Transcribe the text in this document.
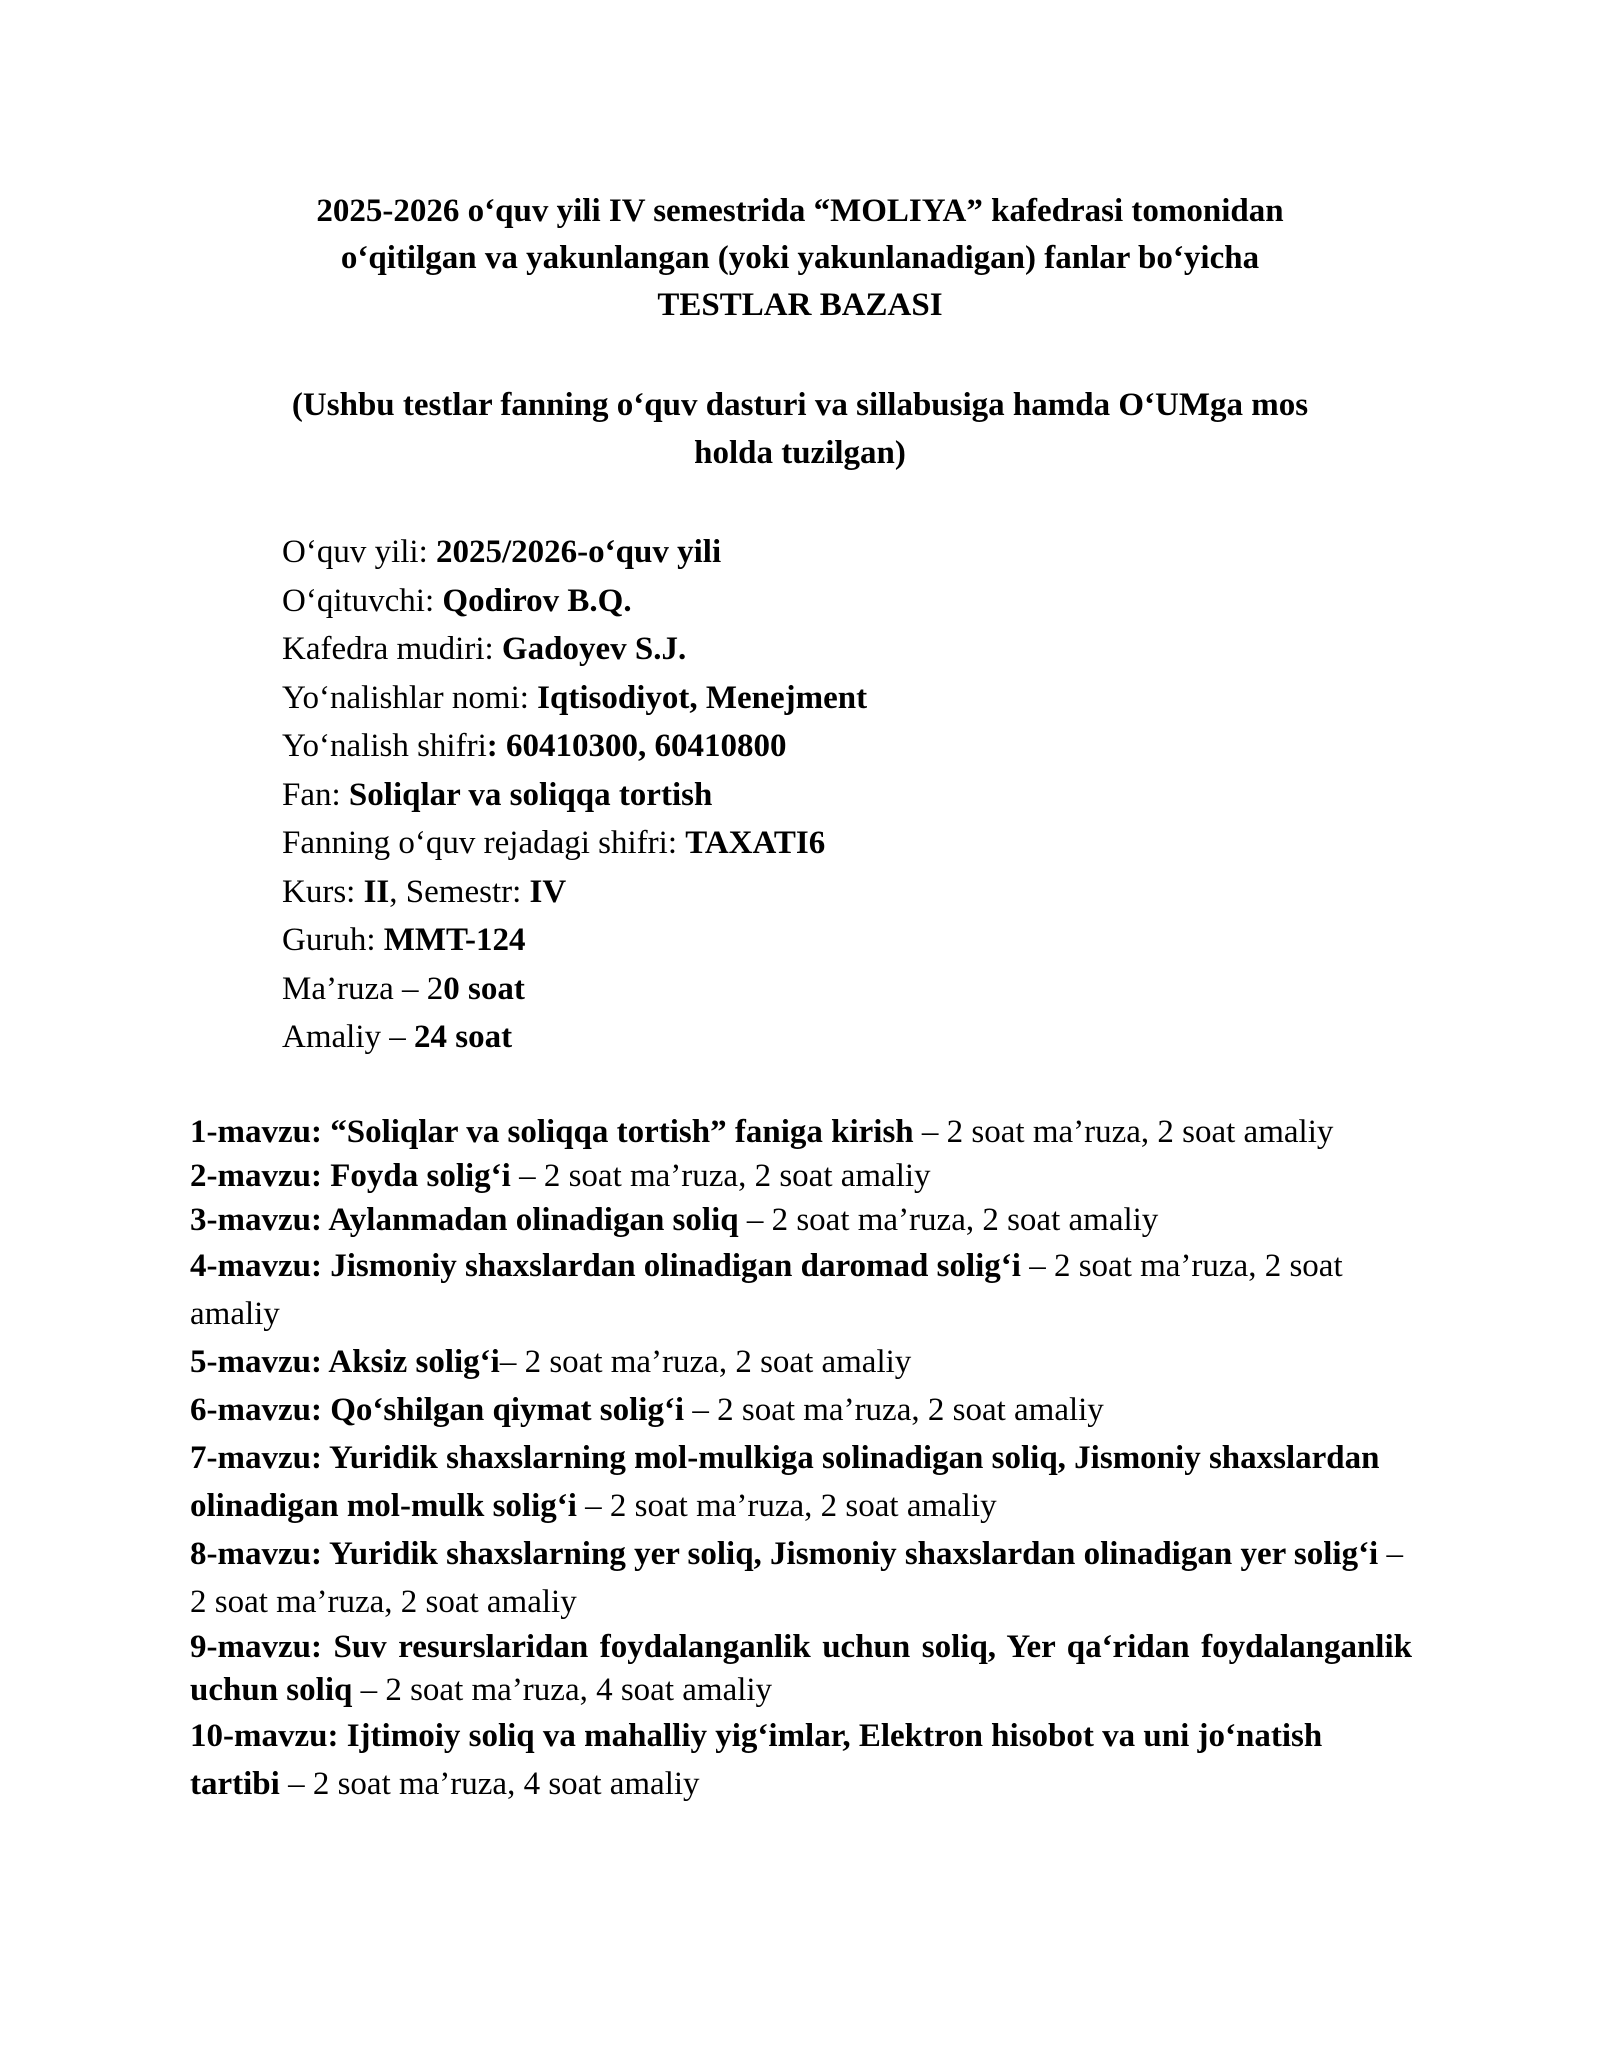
2025-2026 o‘quv yili IV semestrida “MOLIYA” kafedrasi tomonidan
o‘qitilgan va yakunlangan (yoki yakunlanadigan) fanlar bo‘yicha
TESTLAR BAZASI
(Ushbu testlar fanning o‘quv dasturi va sillabusiga hamda O‘UMga mos
holda tuzilgan)
O‘quv yili: 2025/2026-o‘quv yili
O‘qituvchi: Qodirov B.Q.
Kafedra mudiri: Gadoyev S.J.
Yo‘nalishlar nomi: Iqtisodiyot, Menejment
Yo‘nalish shifri: 60410300, 60410800
Fan: Soliqlar va soliqqa tortish
Fanning o‘quv rejadagi shifri: TAXATI6
Kurs: II, Semestr: IV
Guruh: MMT-124
Ma’ruza – 20 soat
Amaliy – 24 soat
1-mavzu: “Soliqlar va soliqqa tortish” faniga kirish – 2 soat ma’ruza, 2 soat amaliy
2-mavzu: Foyda solig‘i – 2 soat ma’ruza, 2 soat amaliy
3-mavzu: Aylanmadan olinadigan soliq – 2 soat ma’ruza, 2 soat amaliy
4-mavzu: Jismoniy shaxslardan olinadigan daromad solig‘i – 2 soat ma’ruza, 2 soat amaliy
5-mavzu: Aksiz solig‘i– 2 soat ma’ruza, 2 soat amaliy
6-mavzu: Qo‘shilgan qiymat solig‘i – 2 soat ma’ruza, 2 soat amaliy
7-mavzu: Yuridik shaxslarning mol-mulkiga solinadigan soliq, Jismoniy shaxslardan olinadigan mol-mulk solig‘i – 2 soat ma’ruza, 2 soat amaliy
8-mavzu: Yuridik shaxslarning yer soliq, Jismoniy shaxslardan olinadigan yer solig‘i – 2 soat ma’ruza, 2 soat amaliy
9-mavzu: Suv resurslaridan foydalanganlik uchun soliq, Yer qa‘ridan foydalanganlik uchun soliq – 2 soat ma’ruza, 4 soat amaliy
10-mavzu: Ijtimoiy soliq va mahalliy yig‘imlar, Elektron hisobot va uni jo‘natish tartibi – 2 soat ma’ruza, 4 soat amaliy
